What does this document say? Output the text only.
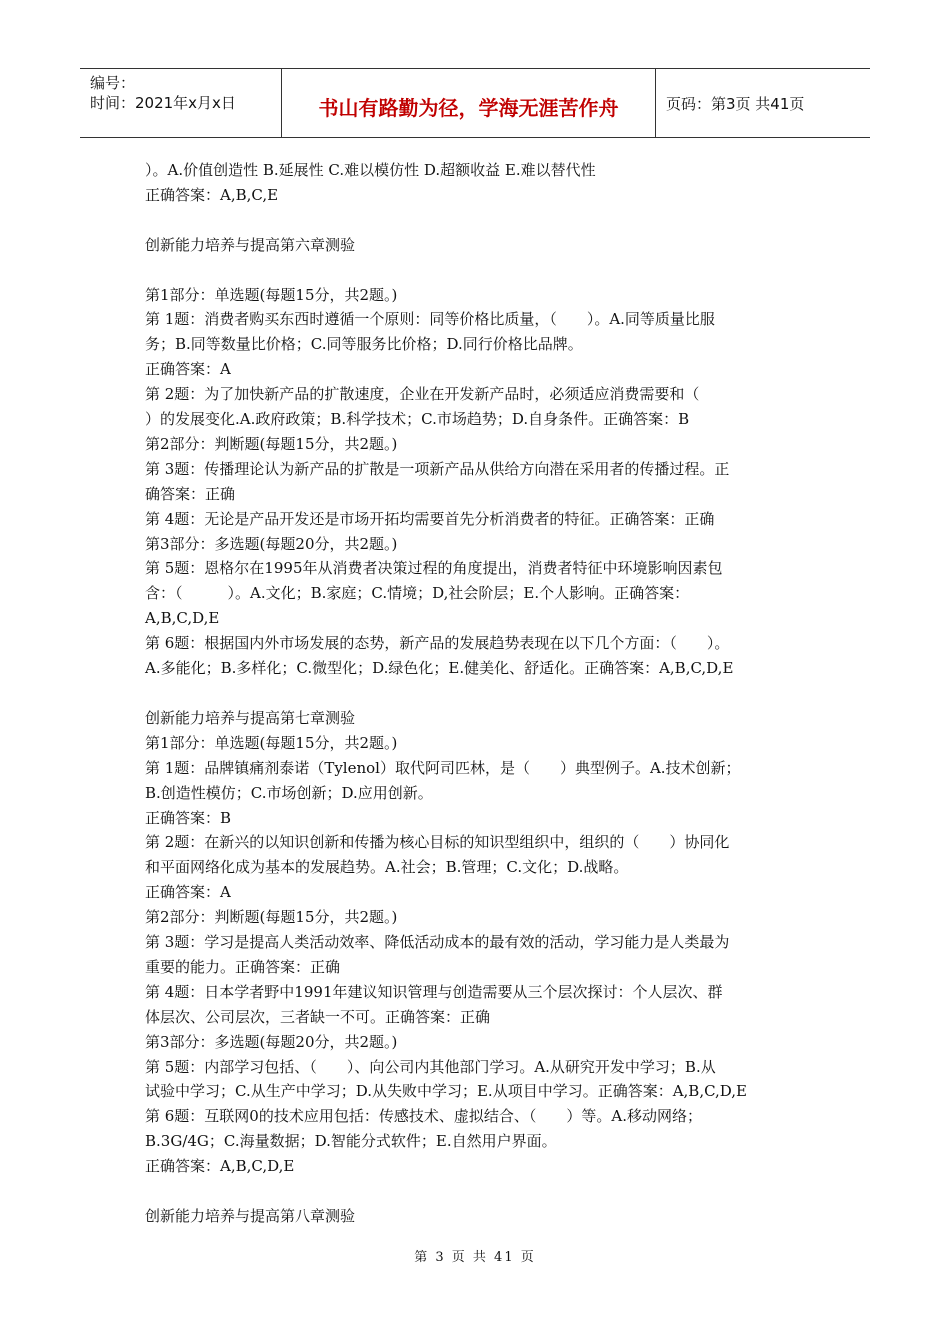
编号：
时间：2021年x月x日	书山有路勤为径，学海无涯苦作舟	页码：第3页 共41页

）。A.价值创造性 B.延展性 C.难以模仿性 D.超额收益 E.难以替代性

正确答案：A,B,C,E

创新能力培养与提高第六章测验

第1部分：单选题(每题15分，共2题。)

第 1题：消费者购买东西时遵循一个原则：同等价格比质量，（　　）。A.同等质量比服

务；B.同等数量比价格；C.同等服务比价格；D.同行价格比品牌。

正确答案：A

第 2题：为了加快新产品的扩散速度，企业在开发新产品时，必须适应消费需要和（

）的发展变化.A.政府政策；B.科学技术；C.市场趋势；D.自身条件。正确答案：B

第2部分：判断题(每题15分，共2题。)

第 3题：传播理论认为新产品的扩散是一项新产品从供给方向潜在采用者的传播过程。正

确答案：正确

第 4题：无论是产品开发还是市场开拓均需要首先分析消费者的特征。正确答案：正确

第3部分：多选题(每题20分，共2题。)

第 5题：恩格尔在1995年从消费者决策过程的角度提出，消费者特征中环境影响因素包

含：（　　　）。A.文化；B.家庭；C.情境；D,社会阶层；E.个人影响。正确答案：

A,B,C,D,E

第 6题：根据国内外市场发展的态势，新产品的发展趋势表现在以下几个方面：（　　）。

A.多能化；B.多样化；C.微型化；D.绿色化；E.健美化、舒适化。正确答案：A,B,C,D,E

创新能力培养与提高第七章测验

第1部分：单选题(每题15分，共2题。)

第 1题：品牌镇痛剂泰诺（Tylenol）取代阿司匹林，是（　　）典型例子。A.技术创新；

B.创造性模仿；C.市场创新；D.应用创新。

正确答案：B

第 2题：在新兴的以知识创新和传播为核心目标的知识型组织中，组织的（　　）协同化

和平面网络化成为基本的发展趋势。A.社会；B.管理；C.文化；D.战略。

正确答案：A

第2部分：判断题(每题15分，共2题。)

第 3题：学习是提高人类活动效率、降低活动成本的最有效的活动，学习能力是人类最为

重要的能力。正确答案：正确

第 4题：日本学者野中1991年建议知识管理与创造需要从三个层次探讨：个人层次、群

体层次、公司层次，三者缺一不可。正确答案：正确

第3部分：多选题(每题20分，共2题。)

第 5题：内部学习包括、（　　）、向公司内其他部门学习。A.从研究开发中学习；B.从

试验中学习；C.从生产中学习；D.从失败中学习；E.从项目中学习。正确答案：A,B,C,D,E

第 6题：互联网0的技术应用包括：传感技术、虚拟结合、（　　）等。A.移动网络；

B.3G/4G；C.海量数据；D.智能分式软件；E.自然用户界面。

正确答案：A,B,C,D,E

创新能力培养与提高第八章测验

第 3 页 共 41 页
